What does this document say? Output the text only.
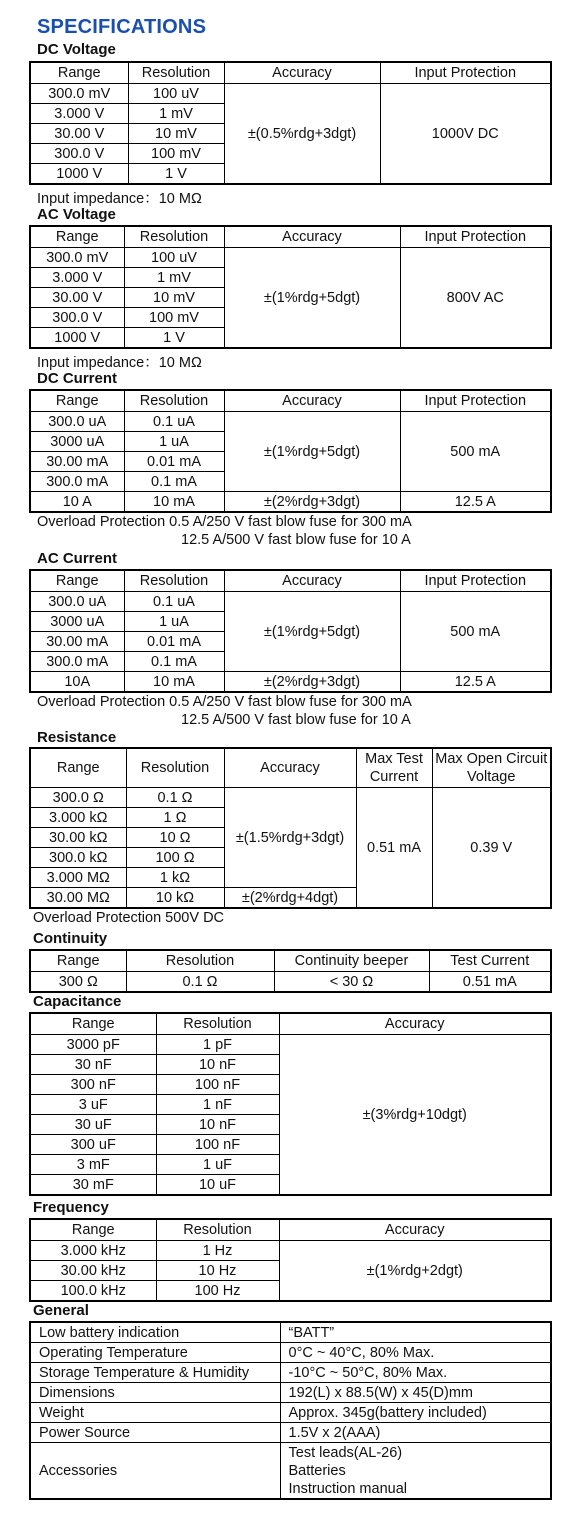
SPECIFICATIONS
DC Voltage
Range	Resolution	Accuracy	Input Protection
300.0 mV	100 uV	±(0.5%rdg+3dgt)	1000V DC
3.000 V	1 mV		
30.00 V	10 mV		
300.0 V	100 mV		
1000 V	1 V		
Input impedance：10 MΩ
AC Voltage
Range	Resolution	Accuracy	Input Protection
300.0 mV	100 uV	±(1%rdg+5dgt)	800V AC
3.000 V	1 mV		
30.00 V	10 mV		
300.0 V	100 mV		
1000 V	1 V		
Input impedance：10 MΩ
DC Current
Range	Resolution	Accuracy	Input Protection
300.0 uA	0.1 uA	±(1%rdg+5dgt)	500 mA
3000 uA	1 uA		
30.00 mA	0.01 mA		
300.0 mA	0.1 mA		
10 A	10 mA	±(2%rdg+3dgt)	12.5 A
Overload Protection 0.5 A/250 V fast blow fuse for 300 mA
12.5 A/500 V fast blow fuse for 10 A
AC Current
Range	Resolution	Accuracy	Input Protection
300.0 uA	0.1 uA	±(1%rdg+5dgt)	500 mA
3000 uA	1 uA		
30.00 mA	0.01 mA		
300.0 mA	0.1 mA		
10A	10 mA	±(2%rdg+3dgt)	12.5 A
Overload Protection 0.5 A/250 V fast blow fuse for 300 mA
12.5 A/500 V fast blow fuse for 10 A
Resistance
Range	Resolution	Accuracy	Max Test Current	Max Open Circuit Voltage
300.0 Ω	0.1 Ω	±(1.5%rdg+3dgt)	0.51 mA	0.39 V
3.000 kΩ	1 Ω			
30.00 kΩ	10 Ω			
300.0 kΩ	100 Ω			
3.000 MΩ	1 kΩ			
30.00 MΩ	10 kΩ	±(2%rdg+4dgt)		
Overload Protection 500V DC
Continuity
Range	Resolution	Continuity beeper	Test Current
300 Ω	0.1 Ω	< 30 Ω	0.51 mA
Capacitance
Range	Resolution	Accuracy
3000 pF	1 pF	±(3%rdg+10dgt)
30 nF	10 nF	
300 nF	100 nF	
3 uF	1 nF	
30 uF	10 nF	
300 uF	100 nF	
3 mF	1 uF	
30 mF	10 uF	
Frequency
Range	Resolution	Accuracy
3.000 kHz	1 Hz	±(1%rdg+2dgt)
30.00 kHz	10 Hz	
100.0 kHz	100 Hz	
General
Low battery indication	“BATT”
Operating Temperature	0°C ~ 40°C, 80% Max.
Storage Temperature & Humidity	-10°C ~ 50°C, 80% Max.
Dimensions	192(L) x 88.5(W) x 45(D)mm
Weight	Approx. 345g(battery included)
Power Source	1.5V x 2(AAA)
Accessories	Test leads(AL-26)
Batteries
Instruction manual
